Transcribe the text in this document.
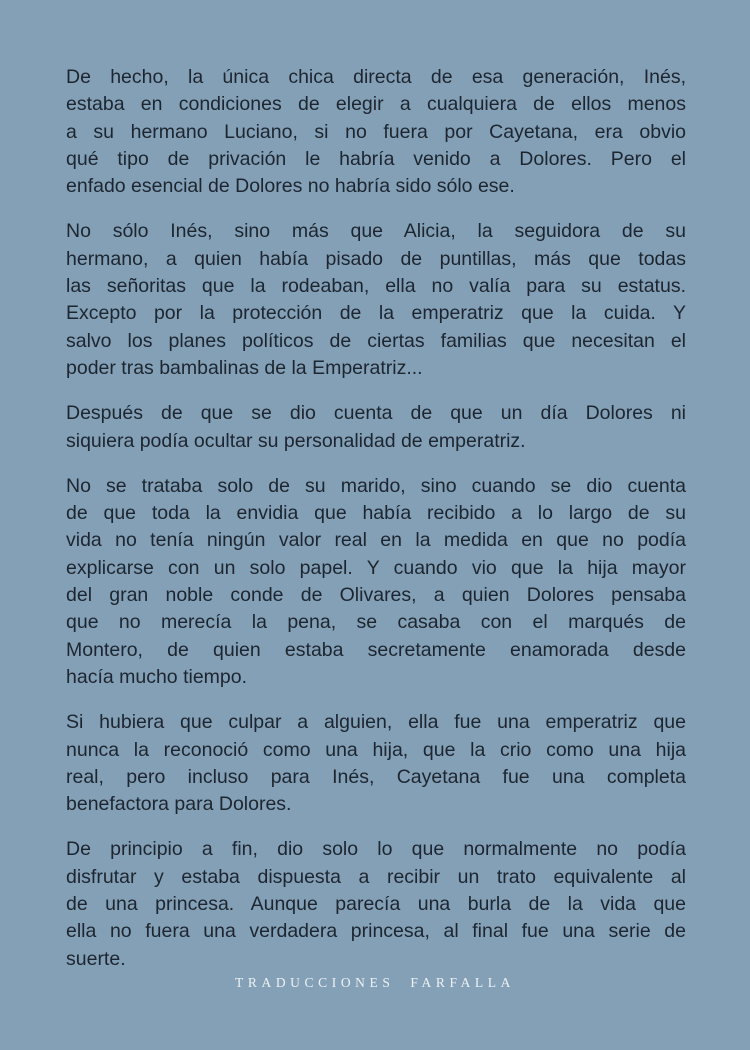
De hecho, la única chica directa de esa generación, Inés,
estaba en condiciones de elegir a cualquiera de ellos menos
a su hermano Luciano, si no fuera por Cayetana, era obvio
qué tipo de privación le habría venido a Dolores. Pero el
enfado esencial de Dolores no habría sido sólo ese.
No sólo Inés, sino más que Alicia, la seguidora de su
hermano, a quien había pisado de puntillas, más que todas
las señoritas que la rodeaban, ella no valía para su estatus.
Excepto por la protección de la emperatriz que la cuida. Y
salvo los planes políticos de ciertas familias que necesitan el
poder tras bambalinas de la Emperatriz...
Después de que se dio cuenta de que un día Dolores ni
siquiera podía ocultar su personalidad de emperatriz.
No se trataba solo de su marido, sino cuando se dio cuenta
de que toda la envidia que había recibido a lo largo de su
vida no tenía ningún valor real en la medida en que no podía
explicarse con un solo papel. Y cuando vio que la hija mayor
del gran noble conde de Olivares, a quien Dolores pensaba
que no merecía la pena, se casaba con el marqués de
Montero, de quien estaba secretamente enamorada desde
hacía mucho tiempo.
Si hubiera que culpar a alguien, ella fue una emperatriz que
nunca la reconoció como una hija, que la crio como una hija
real, pero incluso para Inés, Cayetana fue una completa
benefactora para Dolores.
De principio a fin, dio solo lo que normalmente no podía
disfrutar y estaba dispuesta a recibir un trato equivalente al
de una princesa. Aunque parecía una burla de la vida que
ella no fuera una verdadera princesa, al final fue una serie de
suerte.
TRADUCCIONES  FARFALLA
